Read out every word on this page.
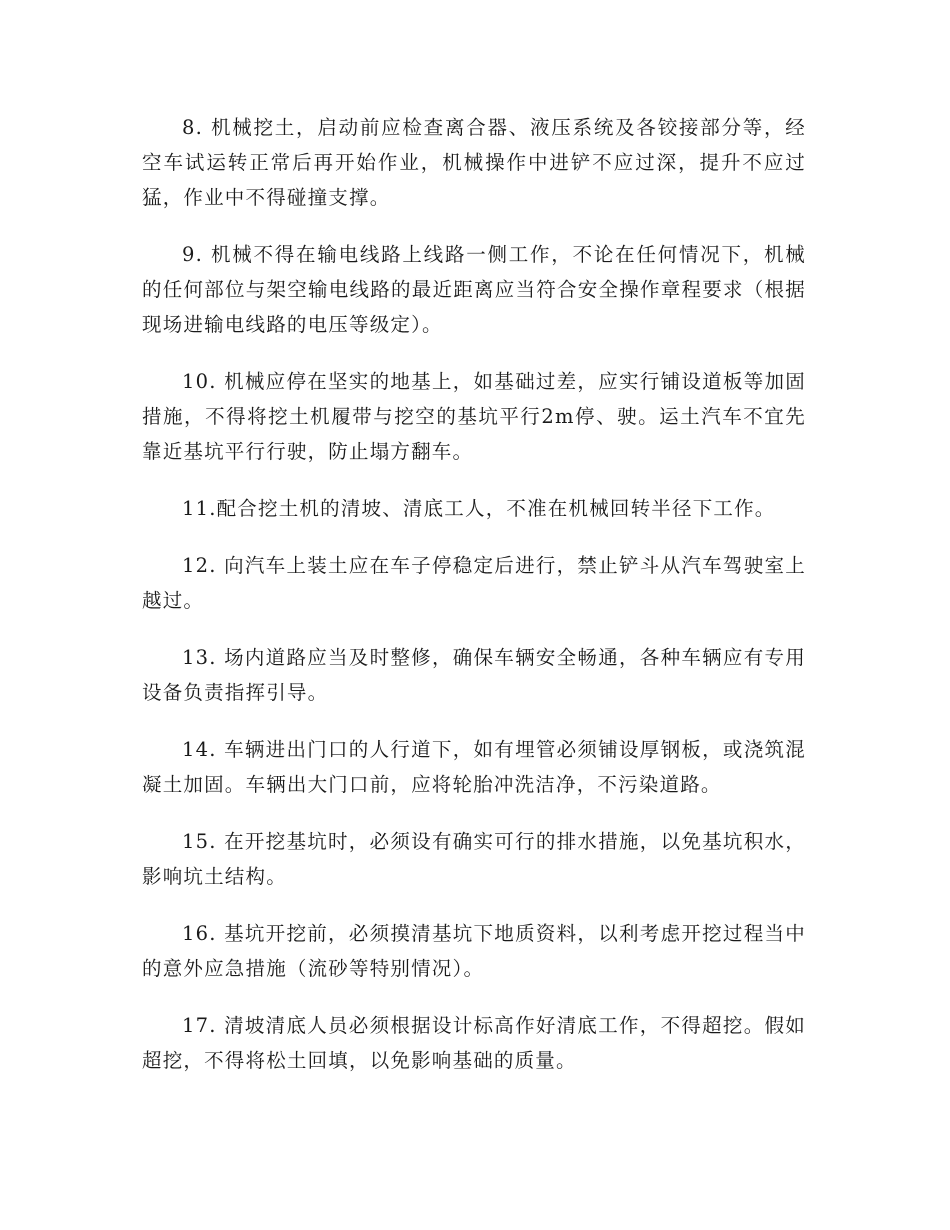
8. 机械挖土，启动前应检查离合器、液压系统及各铰接部分等，经空车试运转正常后再开始作业，机械操作中进铲不应过深，提升不应过猛，作业中不得碰撞支撑。

9. 机械不得在输电线路上线路一侧工作，不论在任何情况下，机械的任何部位与架空输电线路的最近距离应当符合安全操作章程要求（根据现场进输电线路的电压等级定）。

10. 机械应停在坚实的地基上，如基础过差，应实行铺设道板等加固措施，不得将挖土机履带与挖空的基坑平行2m停、驶。运土汽车不宜先靠近基坑平行行驶，防止塌方翻车。

11.配合挖土机的清坡、清底工人，不准在机械回转半径下工作。

12. 向汽车上装土应在车子停稳定后进行，禁止铲斗从汽车驾驶室上越过。

13. 场内道路应当及时整修，确保车辆安全畅通，各种车辆应有专用设备负责指挥引导。

14. 车辆进出门口的人行道下，如有埋管必须铺设厚钢板，或浇筑混凝土加固。车辆出大门口前，应将轮胎冲洗洁净，不污染道路。

15. 在开挖基坑时，必须设有确实可行的排水措施，以免基坑积水，影响坑土结构。

16. 基坑开挖前，必须摸清基坑下地质资料，以利考虑开挖过程当中的意外应急措施（流砂等特别情况）。

17. 清坡清底人员必须根据设计标高作好清底工作，不得超挖。假如超挖，不得将松土回填，以免影响基础的质量。
